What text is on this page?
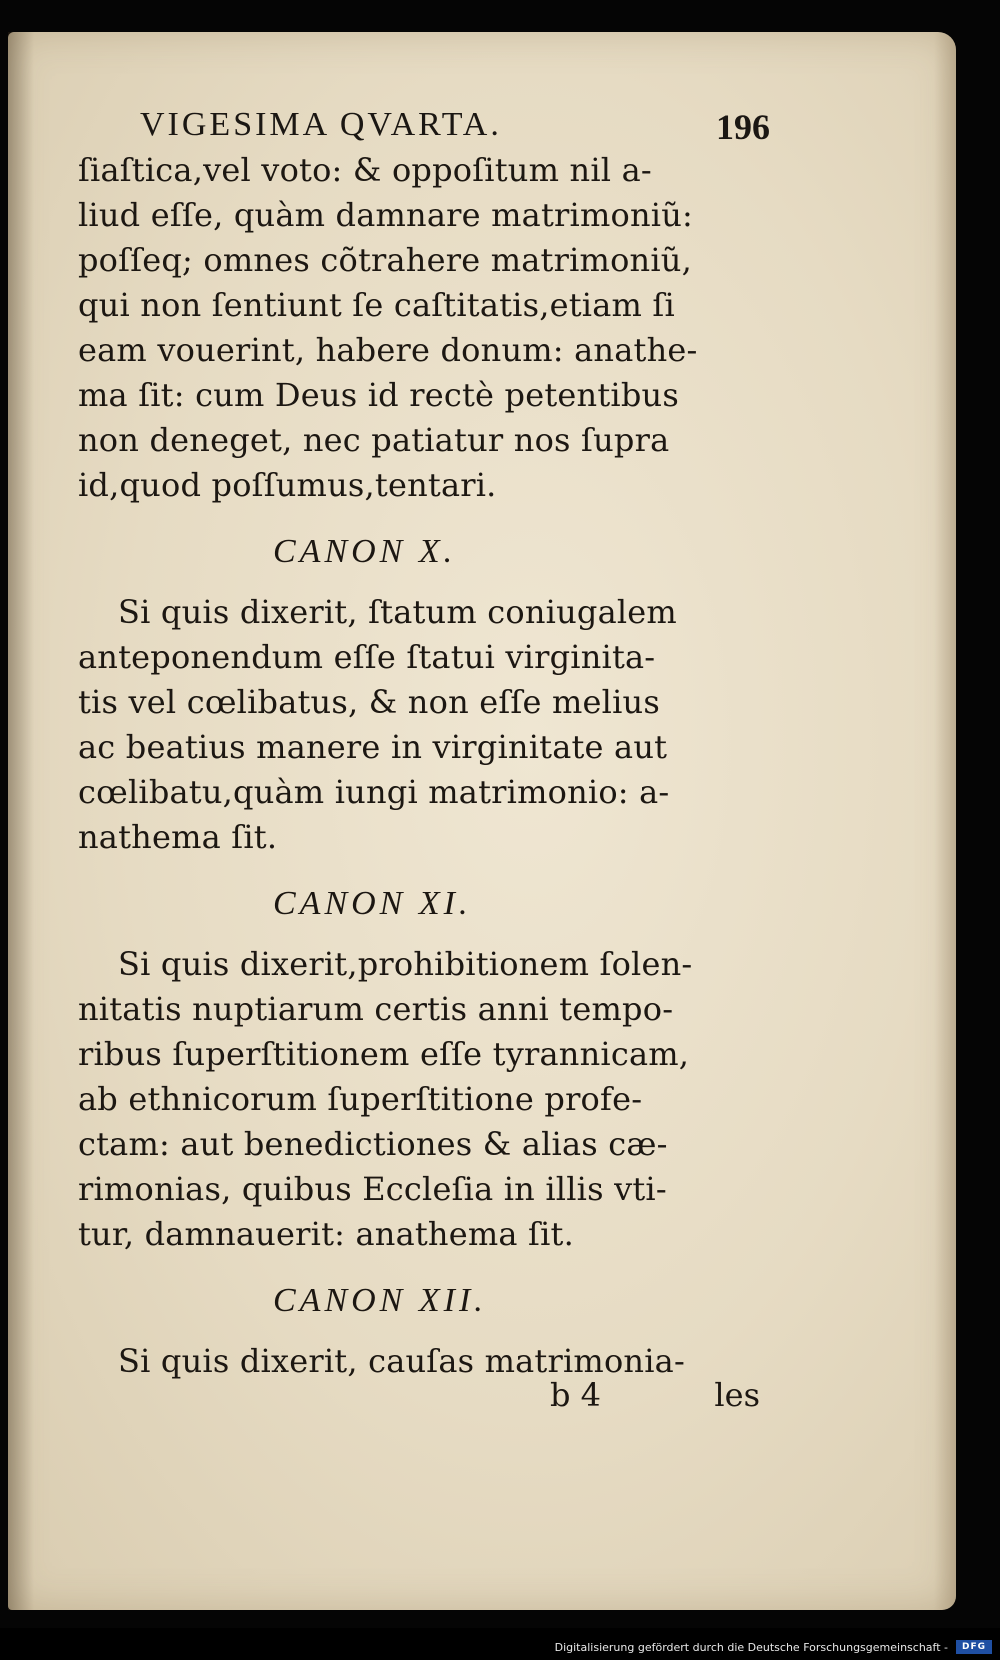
VIGESIMA QVARTA.	196
ſiaſtica,vel voto: & oppoſitum nil a-
liud eſſe, quàm damnare matrimoniũ:
poſſeq; omnes cõtrahere matrimoniũ,
qui non ſentiunt ſe caſtitatis,etiam ſi
eam vouerint, habere donum: anathe-
ma ſit: cum Deus id rectè petentibus
non deneget, nec patiatur nos ſupra
id,quod poſſumus,tentari.
CANON X.
Si quis dixerit, ſtatum coniugalem
anteponendum eſſe ſtatui virginita-
tis vel cœlibatus, & non eſſe melius
ac beatius manere in virginitate aut
cœlibatu,quàm iungi matrimonio: a-
nathema ſit.
CANON XI.
Si quis dixerit,prohibitionem ſolen-
nitatis nuptiarum certis anni tempo-
ribus ſuperſtitionem eſſe tyrannicam,
ab ethnicorum ſuperſtitione profe-
ctam: aut benedictiones & alias cæ-
rimonias, quibus Eccleſia in illis vti-
tur, damnauerit: anathema ſit.
CANON XII.
Si quis dixerit, cauſas matrimonia-
b 4	les
Digitalisierung gefördert durch die Deutsche Forschungsgemeinschaft -	DFG
